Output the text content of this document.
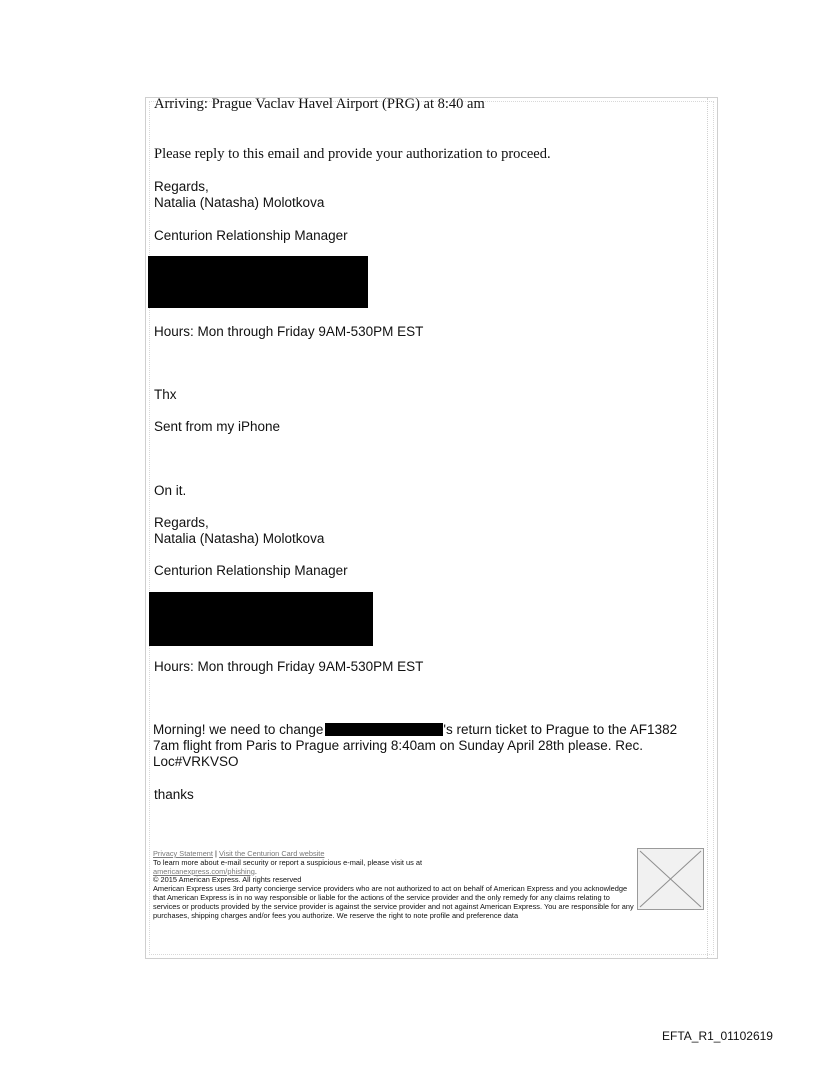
Arriving: Prague Vaclav Havel Airport (PRG) at 8:40 am
Please reply to this email and provide your authorization to proceed.
Regards,
Natalia (Natasha) Molotkova
Centurion Relationship Manager
Hours: Mon through Friday 9AM-530PM EST
Thx
Sent from my iPhone
On it.
Regards,
Natalia (Natasha) Molotkova
Centurion Relationship Manager
Hours: Mon through Friday 9AM-530PM EST
Morning! we need to change	's return ticket to Prague to the AF1382 7am flight from Paris to Prague arriving 8:40am on Sunday April 28th please. Rec. Loc#VRKVSO
thanks
Privacy Statement | Visit the Centurion Card website
To learn more about e-mail security or report a suspicious e-mail, please visit us at
americanexpress.com/phishing.
© 2015 American Express. All rights reserved
American Express uses 3rd party concierge service providers who are not authorized to act on behalf of American Express and you acknowledge that American Express is in no way responsible or liable for the actions of the service provider and the only remedy for any claims relating to services or products provided by the service provider is against the service provider and not against American Express. You are responsible for any purchases, shipping charges and/or fees you authorize. We reserve the right to note profile and preference data
EFTA_R1_01102619
